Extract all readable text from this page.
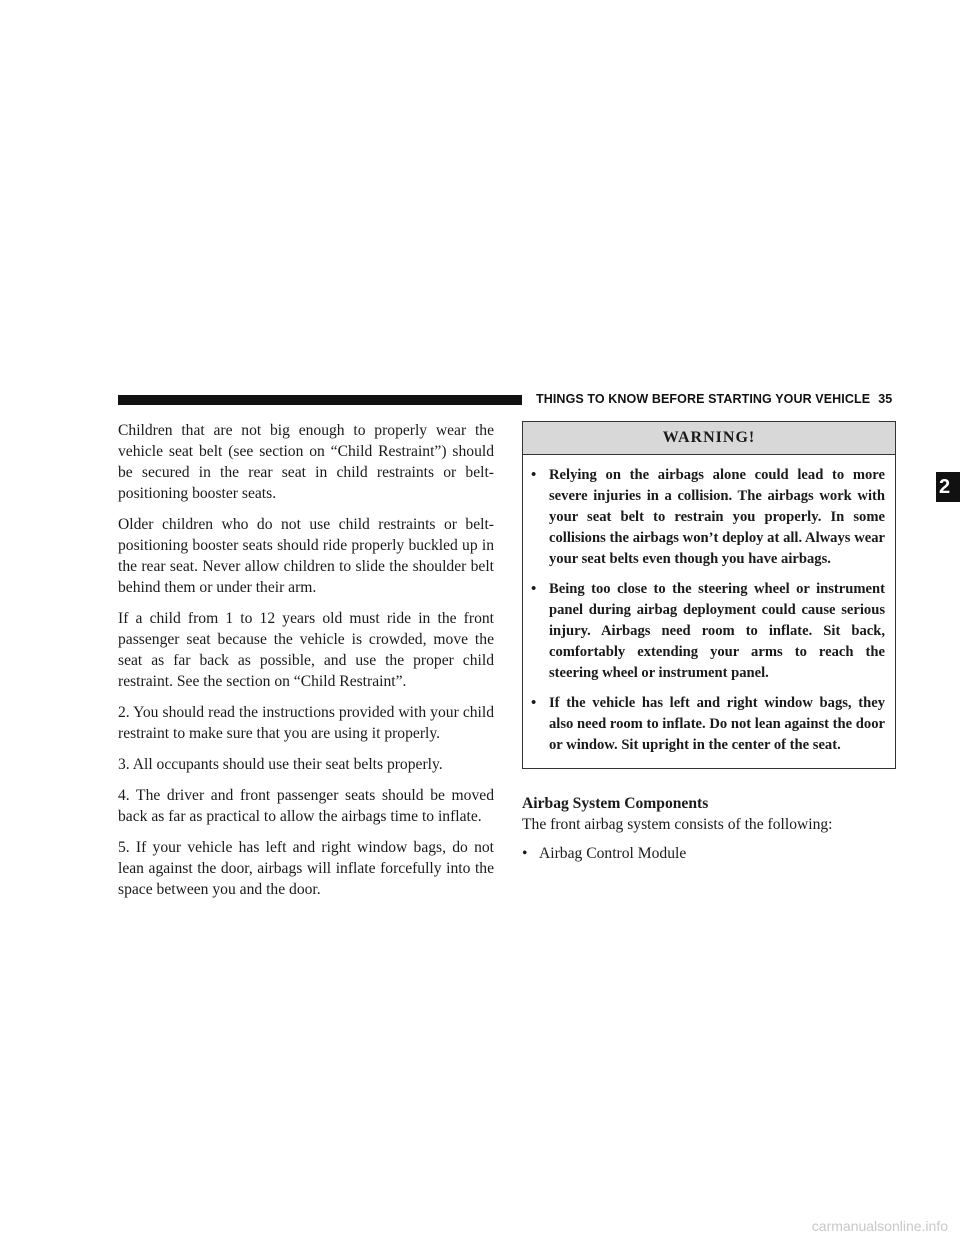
THINGS TO KNOW BEFORE STARTING YOUR VEHICLE 35
2

Children that are not big enough to properly wear the vehicle seat belt (see section on “Child Restraint”) should be secured in the rear seat in child restraints or belt-positioning booster seats.

Older children who do not use child restraints or belt-positioning booster seats should ride properly buckled up in the rear seat. Never allow children to slide the shoulder belt behind them or under their arm.

If a child from 1 to 12 years old must ride in the front passenger seat because the vehicle is crowded, move the seat as far back as possible, and use the proper child restraint. See the section on “Child Restraint”.

2. You should read the instructions provided with your child restraint to make sure that you are using it properly.

3. All occupants should use their seat belts properly.

4. The driver and front passenger seats should be moved back as far as practical to allow the airbags time to inflate.

5. If your vehicle has left and right window bags, do not lean against the door, airbags will inflate forcefully into the space between you and the door.

WARNING!
• Relying on the airbags alone could lead to more severe injuries in a collision. The airbags work with your seat belt to restrain you properly. In some collisions the airbags won’t deploy at all. Always wear your seat belts even though you have airbags.
• Being too close to the steering wheel or instrument panel during airbag deployment could cause serious injury. Airbags need room to inflate. Sit back, comfortably extending your arms to reach the steering wheel or instrument panel.
• If the vehicle has left and right window bags, they also need room to inflate. Do not lean against the door or window. Sit upright in the center of the seat.
Airbag System Components
The front airbag system consists of the following:
• Airbag Control Module
carmanualsonline.info
